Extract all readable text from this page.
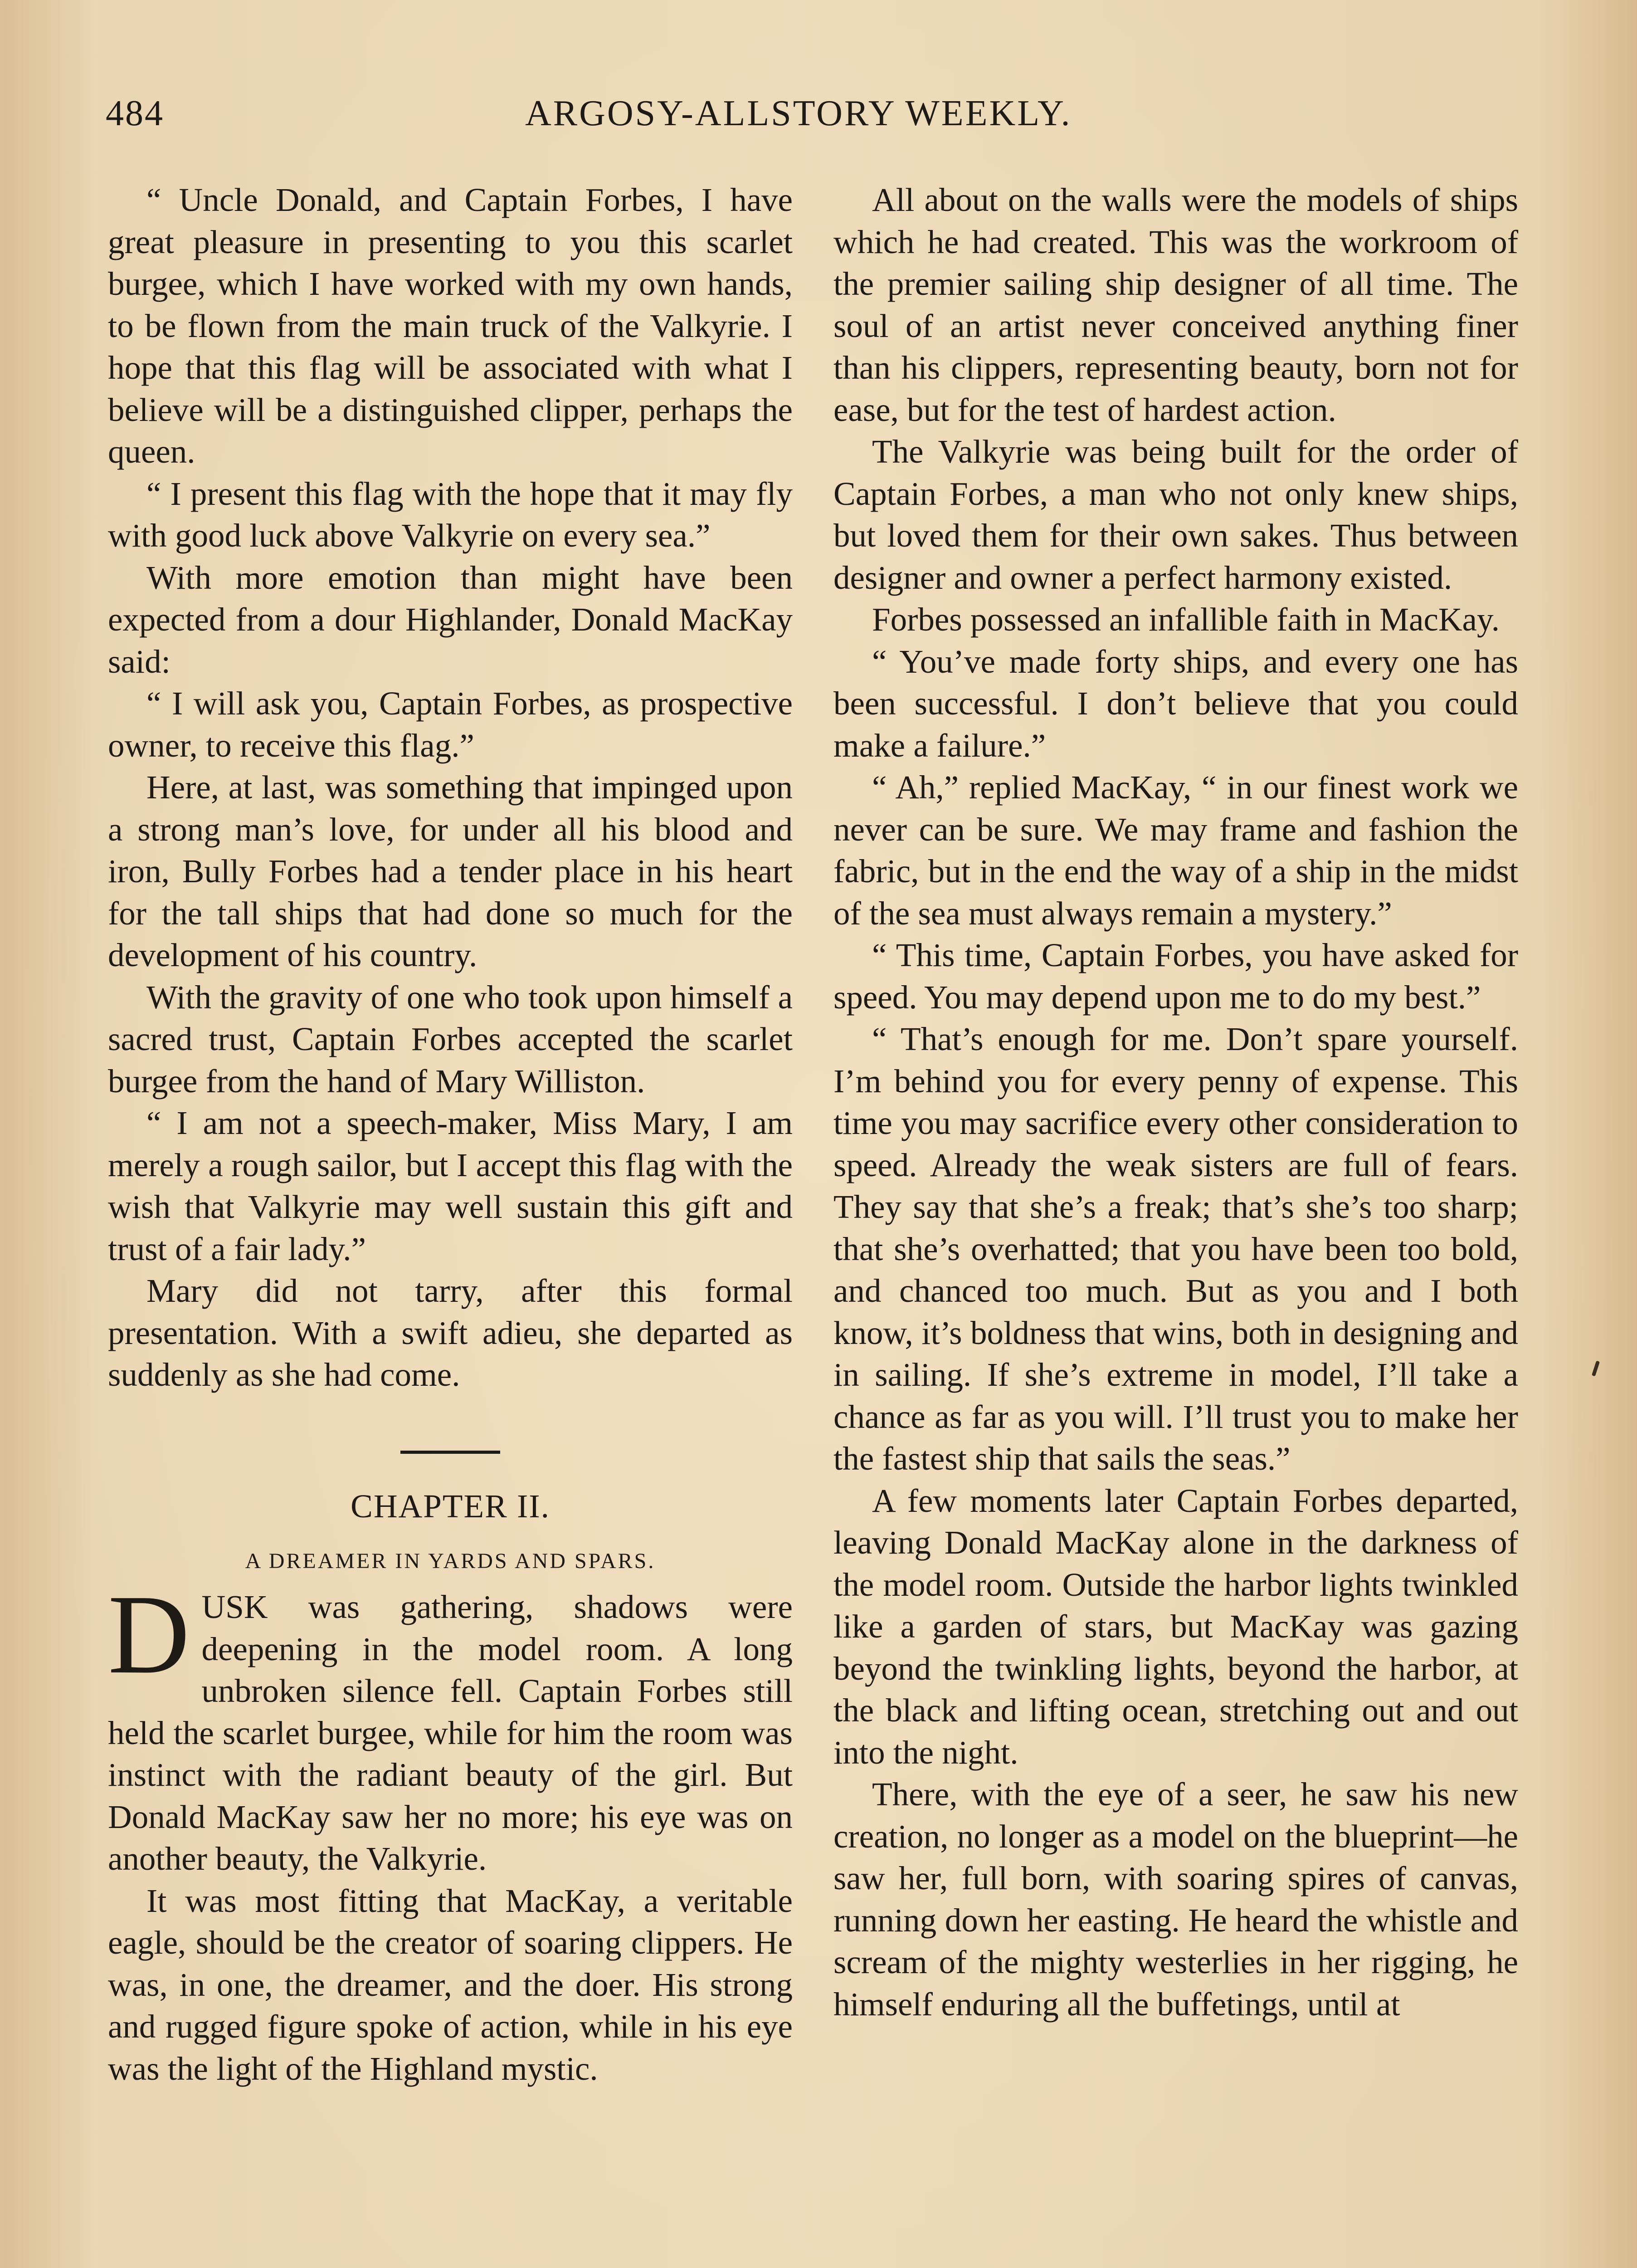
484	ARGOSY-ALLSTORY WEEKLY.

“ Uncle Donald, and Captain Forbes, I have great pleasure in presenting to you this scarlet burgee, which I have worked with my own hands, to be flown from the main truck of the Valkyrie. I hope that this flag will be associated with what I believe will be a distinguished clipper, perhaps the queen.

“ I present this flag with the hope that it may fly with good luck above Valkyrie on every sea.”

With more emotion than might have been expected from a dour Highlander, Donald MacKay said:

“ I will ask you, Captain Forbes, as prospective owner, to receive this flag.”

Here, at last, was something that impinged upon a strong man’s love, for under all his blood and iron, Bully Forbes had a tender place in his heart for the tall ships that had done so much for the development of his country.

With the gravity of one who took upon himself a sacred trust, Captain Forbes accepted the scarlet burgee from the hand of Mary Williston.

“ I am not a speech-maker, Miss Mary, I am merely a rough sailor, but I accept this flag with the wish that Valkyrie may well sustain this gift and trust of a fair lady.”

Mary did not tarry, after this formal presentation. With a swift adieu, she departed as suddenly as she had come.

CHAPTER II.
A DREAMER IN YARDS AND SPARS.

DUSK was gathering, shadows were deepening in the model room. A long unbroken silence fell. Captain Forbes still held the scarlet burgee, while for him the room was instinct with the radiant beauty of the girl. But Donald MacKay saw her no more; his eye was on another beauty, the Valkyrie.

It was most fitting that MacKay, a veritable eagle, should be the creator of soaring clippers. He was, in one, the dreamer, and the doer. His strong and rugged figure spoke of action, while in his eye was the light of the Highland mystic.

All about on the walls were the models of ships which he had created. This was the workroom of the premier sailing ship designer of all time. The soul of an artist never conceived anything finer than his clippers, representing beauty, born not for ease, but for the test of hardest action.

The Valkyrie was being built for the order of Captain Forbes, a man who not only knew ships, but loved them for their own sakes. Thus between designer and owner a perfect harmony existed.

Forbes possessed an infallible faith in MacKay.

“ You’ve made forty ships, and every one has been successful. I don’t believe that you could make a failure.”

“ Ah,” replied MacKay, “ in our finest work we never can be sure. We may frame and fashion the fabric, but in the end the way of a ship in the midst of the sea must always remain a mystery.”

“ This time, Captain Forbes, you have asked for speed. You may depend upon me to do my best.”

“ That’s enough for me. Don’t spare yourself. I’m behind you for every penny of expense. This time you may sacrifice every other consideration to speed. Already the weak sisters are full of fears. They say that she’s a freak; that’s she’s too sharp; that she’s overhatted; that you have been too bold, and chanced too much. But as you and I both know, it’s boldness that wins, both in designing and in sailing. If she’s extreme in model, I’ll take a chance as far as you will. I’ll trust you to make her the fastest ship that sails the seas.”

A few moments later Captain Forbes departed, leaving Donald MacKay alone in the darkness of the model room. Outside the harbor lights twinkled like a garden of stars, but MacKay was gazing beyond the twinkling lights, beyond the harbor, at the black and lifting ocean, stretching out and out into the night.

There, with the eye of a seer, he saw his new creation, no longer as a model on the blueprint—he saw her, full born, with soaring spires of canvas, running down her easting. He heard the whistle and scream of the mighty westerlies in her rigging, he himself enduring all the buffetings, until at
